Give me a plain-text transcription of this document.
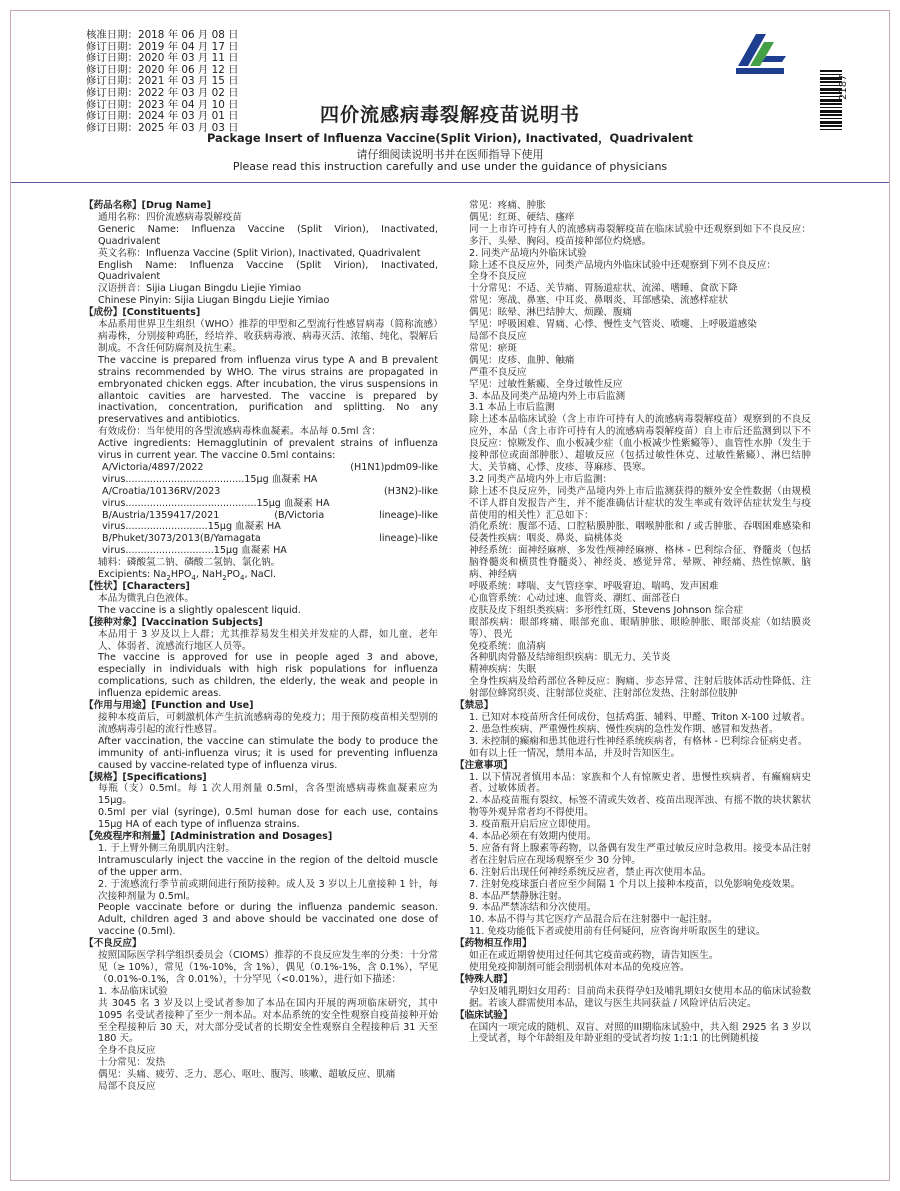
核准日期：2018 年 06 月 08 日
修订日期：2019 年 04 月 17 日
修订日期：2020 年 03 月 11 日
修订日期：2020 年 06 月 12 日
修订日期：2021 年 03 月 15 日
修订日期：2022 年 03 月 02 日
修订日期：2023 年 04 月 10 日
修订日期：2024 年 03 月 01 日
修订日期：2025 年 03 月 03 日
2187
四价流感病毒裂解疫苗说明书
Package Insert of Influenza Vaccine(Split Virion), Inactivated，Quadrivalent
请仔细阅读说明书并在医师指导下使用
Please read this instruction carefully and use under the guidance of physicians

【药品名称】[Drug Name]

通用名称：四价流感病毒裂解疫苗

Generic Name: Influenza Vaccine (Split Virion), Inactivated, Quadrivalent

英文名称：Influenza Vaccine (Split Virion), Inactivated, Quadrivalent

English Name: Influenza Vaccine (Split Virion), Inactivated, Quadrivalent

汉语拼音：Sijia Liugan Bingdu Liejie Yimiao

Chinese Pinyin: Sijia Liugan Bingdu Liejie Yimiao

【成份】[Constituents]

本品系用世界卫生组织（WHO）推荐的甲型和乙型流行性感冒病毒（简称流感）病毒株，分别接种鸡胚，经培养、收获病毒液、病毒灭活、浓缩、纯化、裂解后制成。不含任何防腐剂及抗生素。

The vaccine is prepared from influenza virus type A and B prevalent strains recommended by WHO. The virus strains are propagated in embryonated chicken eggs. After incubation, the virus suspensions in allantoic cavities are harvested. The vaccine is prepared by inactivation, concentration, purification and splitting. No any preservatives and antibiotics.

有效成份：当年使用的各型流感病毒株血凝素。本品每 0.5ml 含：

Active ingredients: Hemagglutinin of prevalent strains of influenza virus in current year. The vaccine 0.5ml contains:

A/Victoria/4897/2022 (H1N1)pdm09-like virus.......................................15μg 血凝素 HA

A/Croatia/10136RV/2023 (H3N2)-like virus...........................................15μg 血凝素 HA

B/Austria/1359417/2021 (B/Victoria lineage)-like virus...........................15μg 血凝素 HA

B/Phuket/3073/2013(B/Yamagata lineage)-like virus.............................15μg 血凝素 HA

辅料：磷酸氢二钠、磷酸二氢钠、氯化钠。

Excipients: $Na_2HPO_4$, $NaH_2PO_4$, NaCl.

【性状】[Characters]

本品为微乳白色液体。

The vaccine is a slightly opalescent liquid.

【接种对象】[Vaccination Subjects]

本品用于 3 岁及以上人群；尤其推荐易发生相关并发症的人群，如儿童、老年人、体弱者、流感流行地区人员等。

The vaccine is approved for use in people aged 3 and above, especially in individuals with high risk populations for influenza complications, such as children, the elderly, the weak and people in influenza epidemic areas.

【作用与用途】[Function and Use]

接种本疫苗后，可刺激机体产生抗流感病毒的免疫力；用于预防疫苗相关型别的流感病毒引起的流行性感冒。

After vaccination, the vaccine can stimulate the body to produce the immunity of anti-influenza virus; it is used for preventing influenza caused by vaccine-related type of influenza virus.

【规格】[Specifications]

每瓶（支）0.5ml。每 1 次人用剂量 0.5ml，含各型流感病毒株血凝素应为 15μg。

0.5ml per vial (syringe), 0.5ml human dose for each use, contains 15μg HA of each type of influenza strains.

【免疫程序和剂量】[Administration and Dosages]

1. 于上臂外侧三角肌肌内注射。

Intramuscularly inject the vaccine in the region of the deltoid muscle of the upper arm.

2. 于流感流行季节前或期间进行预防接种。成人及 3 岁以上儿童接种 1 针，每次接种剂量为 0.5ml。

People vaccinate before or during the influenza pandemic season. Adult, children aged 3 and above should be vaccinated one dose of vaccine (0.5ml).

【不良反应】

按照国际医学科学组织委员会（CIOMS）推荐的不良反应发生率的分类：十分常见（≥ 10%），常见（1%-10%，含 1%），偶见（0.1%-1%，含 0.1%），罕见（0.01%-0.1%，含 0.01%），十分罕见（<0.01%），进行如下描述：

1. 本品临床试验

共 3045 名 3 岁及以上受试者参加了本品在国内开展的两项临床研究，其中 1095 名受试者接种了至少一剂本品。对本品系统的安全性观察自疫苗接种开始至全程接种后 30 天，对大部分受试者的长期安全性观察自全程接种后 31 天至 180 天。

全身不良反应

十分常见：发热

偶见：头痛、疲劳、乏力、恶心、呕吐、腹泻、咳嗽、超敏反应、肌痛

局部不良反应

常见：疼痛、肿胀

偶见：红斑、硬结、瘙痒

同一上市许可持有人的流感病毒裂解疫苗在临床试验中还观察到如下不良反应：多汗、头晕、胸闷、疫苗接种部位灼烧感。

2. 同类产品境内外临床试验

除上述不良反应外，同类产品境内外临床试验中还观察到下列不良反应：

全身不良反应

十分常见：不适、关节痛、胃肠道症状、流涕、嗜睡、食欲下降

常见：寒战、鼻塞、中耳炎、鼻咽炎、耳部感染、流感样症状

偶见：眩晕、淋巴结肿大、烦躁、腹痛

罕见：呼吸困难、胃痛、心悸、慢性支气管炎、喷嚏、上呼吸道感染

局部不良反应

常见：瘀斑

偶见：皮疹、血肿、触痛

严重不良反应

罕见：过敏性紫癜、全身过敏性反应

3. 本品及同类产品境内外上市后监测

3.1 本品上市后监测

除上述本品临床试验（含上市许可持有人的流感病毒裂解疫苗）观察到的不良反应外，本品（含上市许可持有人的流感病毒裂解疫苗）自上市后还监测到以下不良反应：惊厥发作、血小板减少症（血小板减少性紫癜等）、血管性水肿（发生于接种部位或面部肿胀）、超敏反应（包括过敏性休克、过敏性紫癜）、淋巴结肿大、关节痛、心悸、皮疹、荨麻疹、畏寒。

3.2 同类产品境内外上市后监测：

除上述不良反应外，同类产品境内外上市后监测获得的额外安全性数据（由规模不详人群自发报告产生，并不能准确估计症状的发生率或有效评估症状发生与疫苗使用的相关性）汇总如下：

消化系统：腹部不适、口腔粘膜肿胀、咽喉肿胀和 / 或舌肿胀、吞咽困难感染和侵袭性疾病：咽炎、鼻炎、扁桃体炎

神经系统：面神经麻痹、多发性颅神经麻痹、格林 - 巴利综合征、脊髓炎（包括脑脊髓炎和横贯性脊髓炎）、神经炎、感觉异常、晕厥、神经痛、热性惊厥、脑病、神经病

呼吸系统：哮喘、支气管痉挛、呼吸窘迫、喘鸣、发声困难

心血管系统：心动过速、血管炎、潮红、面部苍白

皮肤及皮下组织类疾病：多形性红斑、Stevens Johnson 综合症

眼部疾病：眼部疼痛、眼部充血、眼睛肿胀、眼睑肿胀、眼部炎症（如结膜炎等）、畏光

免疫系统：血清病

各种肌肉骨骼及结缔组织疾病：肌无力、关节炎

精神疾病：失眠

全身性疾病及给药部位各种反应：胸痛、步态异常、注射后肢体活动性降低、注射部位蜂窝织炎、注射部位炎症、注射部位发热、注射部位肢肿

【禁忌】

1. 已知对本疫苗所含任何成份，包括鸡蛋、辅料、甲醛、Triton X-100 过敏者。

2. 患急性疾病、严重慢性疾病、慢性疾病的急性发作期、感冒和发热者。

3. 未控制的癫痫和患其他进行性神经系统疾病者，有格林 - 巴利综合征病史者。

如有以上任一情况，禁用本品，并及时告知医生。

【注意事项】

1. 以下情况者慎用本品：家族和个人有惊厥史者、患慢性疾病者、有癫痫病史者、过敏体质者。

2. 本品疫苗瓶有裂纹、标签不清或失效者、疫苗出现浑浊、有摇不散的块状絮状物等外观异常者均不得使用。

3. 疫苗瓶开启后应立即使用。

4. 本品必须在有效期内使用。

5. 应备有肾上腺素等药物，以备偶有发生严重过敏反应时急救用。接受本品注射者在注射后应在现场观察至少 30 分钟。

6. 注射后出现任何神经系统反应者，禁止再次使用本品。

7. 注射免疫球蛋白者应至少间隔 1 个月以上接种本疫苗，以免影响免疫效果。

8. 本品严禁静脉注射。

9. 本品严禁冻结和分次使用。

10. 本品不得与其它医疗产品混合后在注射器中一起注射。

11. 免疫功能低下者或使用前有任何疑问，应咨询并听取医生的建议。

【药物相互作用】

如正在或近期曾使用过任何其它疫苗或药物，请告知医生。

使用免疫抑制剂可能会削弱机体对本品的免疫应答。

【特殊人群】

孕妇及哺乳期妇女用药：目前尚未获得孕妇及哺乳期妇女使用本品的临床试验数据。若该人群需使用本品，建议与医生共同获益 / 风险评估后决定。

【临床试验】

在国内一项完成的随机、双盲、对照的III期临床试验中，共入组 2925 名 3 岁以上受试者，每个年龄组及年龄亚组的受试者均按 1:1:1 的比例随机接
